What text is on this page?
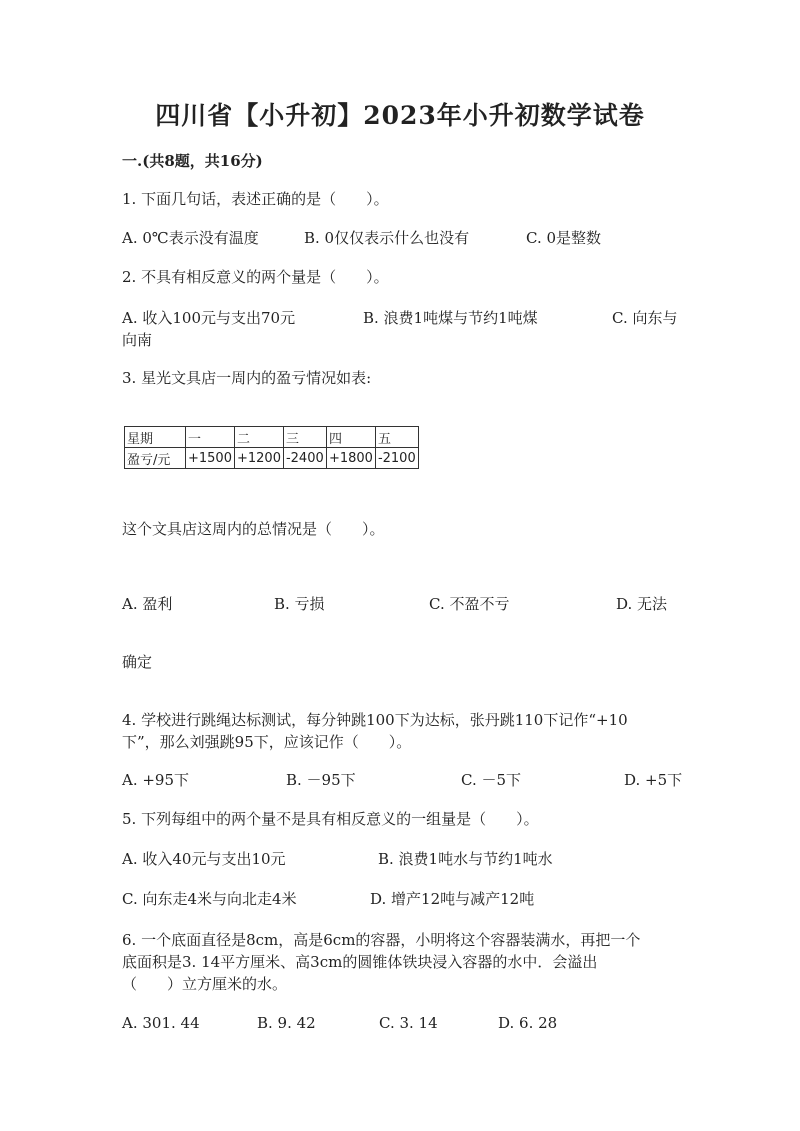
四川省【小升初】2023年小升初数学试卷
一.(共8题，共16分)
1. 下面几句话，表述正确的是（　　）。
A. 0℃表示没有温度	B. 0仅仅表示什么也没有	C. 0是整数
2. 不具有相反意义的两个量是（　　）。
A. 收入100元与支出70元	B. 浪费1吨煤与节约1吨煤	C. 向东与
向南
3. 星光文具店一周内的盈亏情况如表:
星期	一	二	三	四	五
盈亏/元	+1500	+1200	-2400	+1800	-2100
这个文具店这周内的总情况是（　　）。
A. 盈利	B. 亏损	C. 不盈不亏	D. 无法
确定
4. 学校进行跳绳达标测试，每分钟跳100下为达标，张丹跳110下记作“+10
下”，那么刘强跳95下，应该记作（　　）。
A. +95下	B. －95下	C. －5下	D. +5下
5. 下列每组中的两个量不是具有相反意义的一组量是（　　）。
A. 收入40元与支出10元	B. 浪费1吨水与节约1吨水
C. 向东走4米与向北走4米	D. 增产12吨与减产12吨
6. 一个底面直径是8cm，高是6cm的容器，小明将这个容器装满水，再把一个
底面积是3. 14平方厘米、高3cm的圆锥体铁块浸入容器的水中．会溢出
（　　）立方厘米的水。
A. 301. 44	B. 9. 42	C. 3. 14	D. 6. 28
